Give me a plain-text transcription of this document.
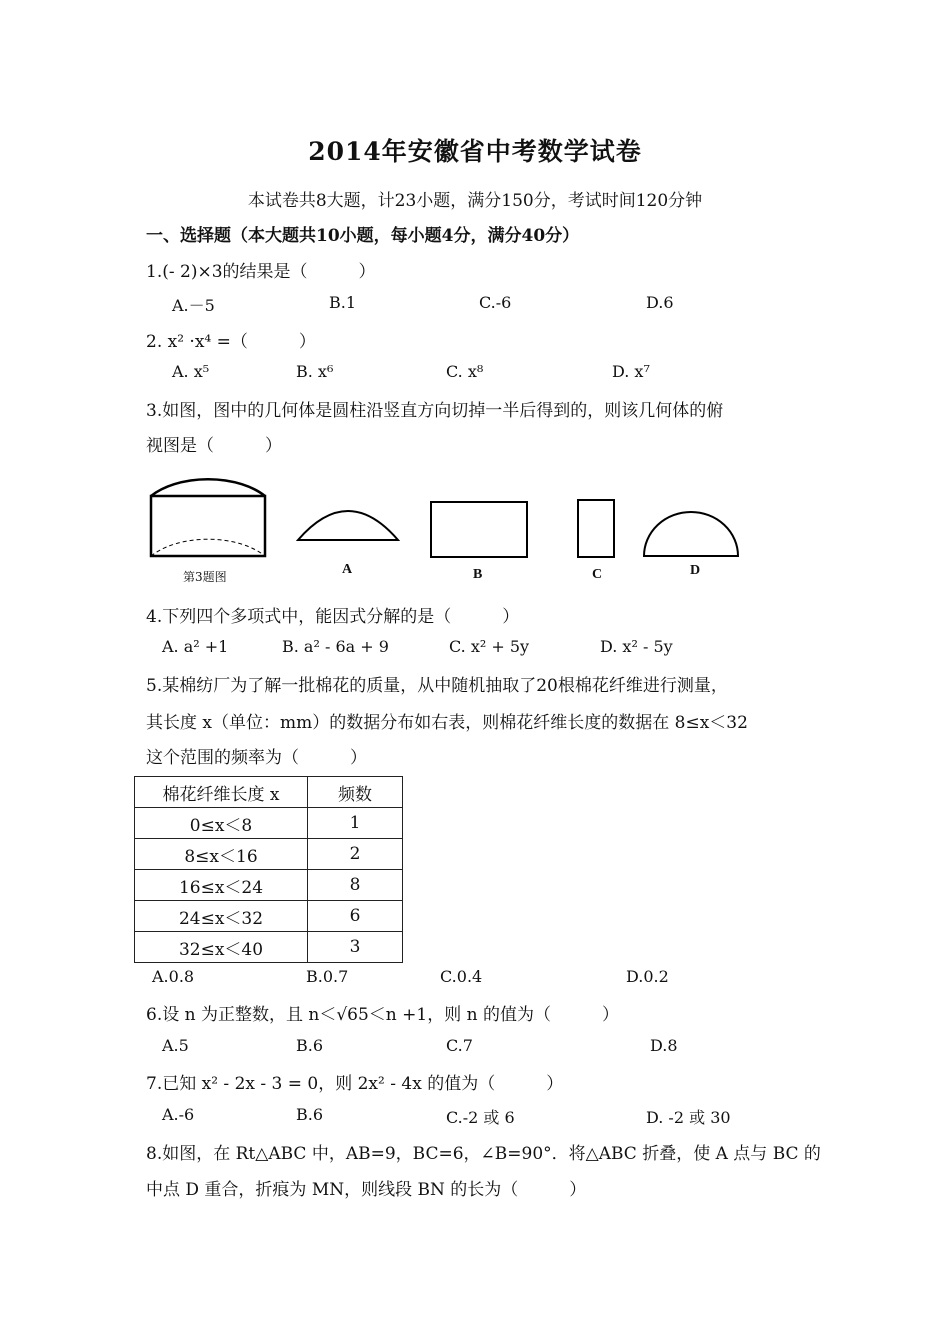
2014年安徽省中考数学试卷
本试卷共8大题，计23小题，满分150分，考试时间120分钟
一、选择题（本大题共10小题，每小题4分，满分40分）
1.(- 2)×3的结果是（　　　）
A.－5	B.1	C.-6	D.6
2. x² ·x⁴ =（　　　）
A. x⁵	B. x⁶	C. x⁸	D. x⁷
3.如图，图中的几何体是圆柱沿竖直方向切掉一半后得到的，则该几何体的俯
视图是（　　　）
第3题图	A	B	C	D
4.下列四个多项式中，能因式分解的是（　　　）
A. a² +1	B. a² - 6a + 9	C. x² + 5y	D. x² - 5y
5.某棉纺厂为了解一批棉花的质量，从中随机抽取了20根棉花纤维进行测量，
其长度 x（单位：mm）的数据分布如右表，则棉花纤维长度的数据在 8≤x＜32
这个范围的频率为（　　　）
棉花纤维长度 x	频数
0≤x＜8	1
8≤x＜16	2
16≤x＜24	8
24≤x＜32	6
32≤x＜40	3
A.0.8	B.0.7	C.0.4	D.0.2
6.设 n 为正整数，且 n＜√65＜n +1，则 n 的值为（　　　）
A.5	B.6	C.7	D.8
7.已知 x² - 2x - 3 = 0，则 2x² - 4x 的值为（　　　）
A.-6	B.6	C.-2 或 6	D. -2 或 30
8.如图，在 Rt△ABC 中，AB=9，BC=6，∠B=90°．将△ABC 折叠，使 A 点与 BC 的
中点 D 重合，折痕为 MN，则线段 BN 的长为（　　　）
